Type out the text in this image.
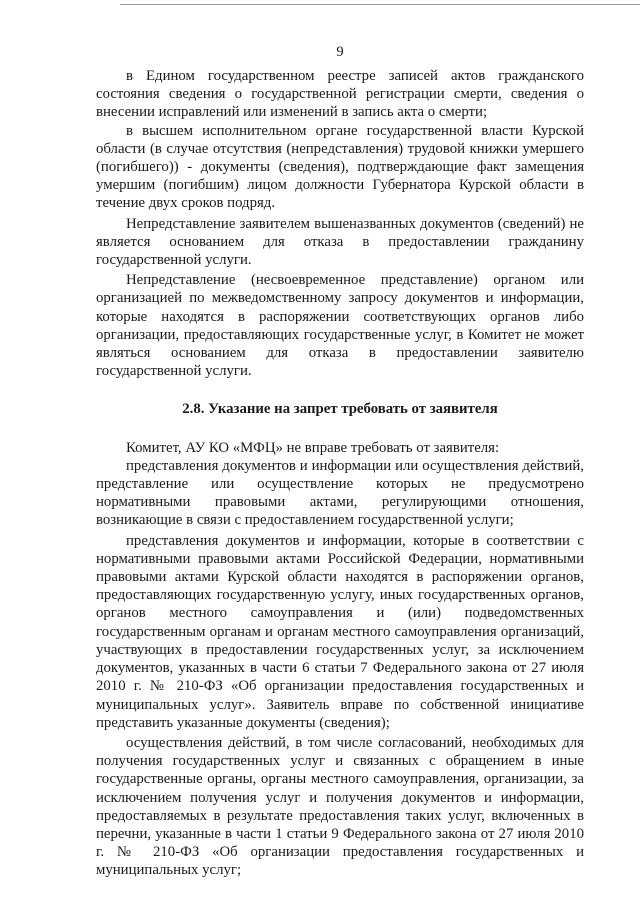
9

в Едином государственном реестре записей актов гражданского состояния сведения о государственной регистрации смерти, сведения о внесении исправлений или изменений в запись акта о смерти;

в высшем исполнительном органе государственной власти Курской области (в случае отсутствия (непредставления) трудовой книжки умершего (погибшего)) - документы (сведения), подтверждающие факт замещения умершим (погибшим) лицом должности Губернатора Курской области в течение двух сроков подряд.

Непредставление заявителем вышеназванных документов (сведений) не является основанием для отказа в предоставлении гражданину государственной услуги.

Непредставление (несвоевременное представление) органом или организацией по межведомственному запросу документов и информации, которые находятся в распоряжении соответствующих органов либо организации, предоставляющих государственные услуг, в Комитет не может являться основанием для отказа в предоставлении заявителю государственной услуги.

2.8. Указание на запрет требовать от заявителя

Комитет, АУ КО «МФЦ» не вправе требовать от заявителя:

представления документов и информации или осуществления действий, представление или осуществление которых не предусмотрено нормативными правовыми актами, регулирующими отношения, возникающие в связи с предоставлением государственной услуги;

представления документов и информации, которые в соответствии с нормативными правовыми актами Российской Федерации, нормативными правовыми актами Курской области находятся в распоряжении органов, предоставляющих государственную услугу, иных государственных органов, органов местного самоуправления и (или) подведомственных государственным органам и органам местного самоуправления организаций, участвующих в предоставлении государственных услуг, за исключением документов, указанных в части 6 статьи 7 Федерального закона от 27 июля 2010 г. № 210-ФЗ «Об организации предоставления государственных и муниципальных услуг». Заявитель вправе по собственной инициативе представить указанные документы (сведения);

осуществления действий, в том числе согласований, необходимых для получения государственных услуг и связанных с обращением в иные государственные органы, органы местного самоуправления, организации, за исключением получения услуг и получения документов и информации, предоставляемых в результате предоставления таких услуг, включенных в перечни, указанные в части 1 статьи 9 Федерального закона от 27 июля 2010 г. № 210-ФЗ «Об организации предоставления государственных и муниципальных услуг;
